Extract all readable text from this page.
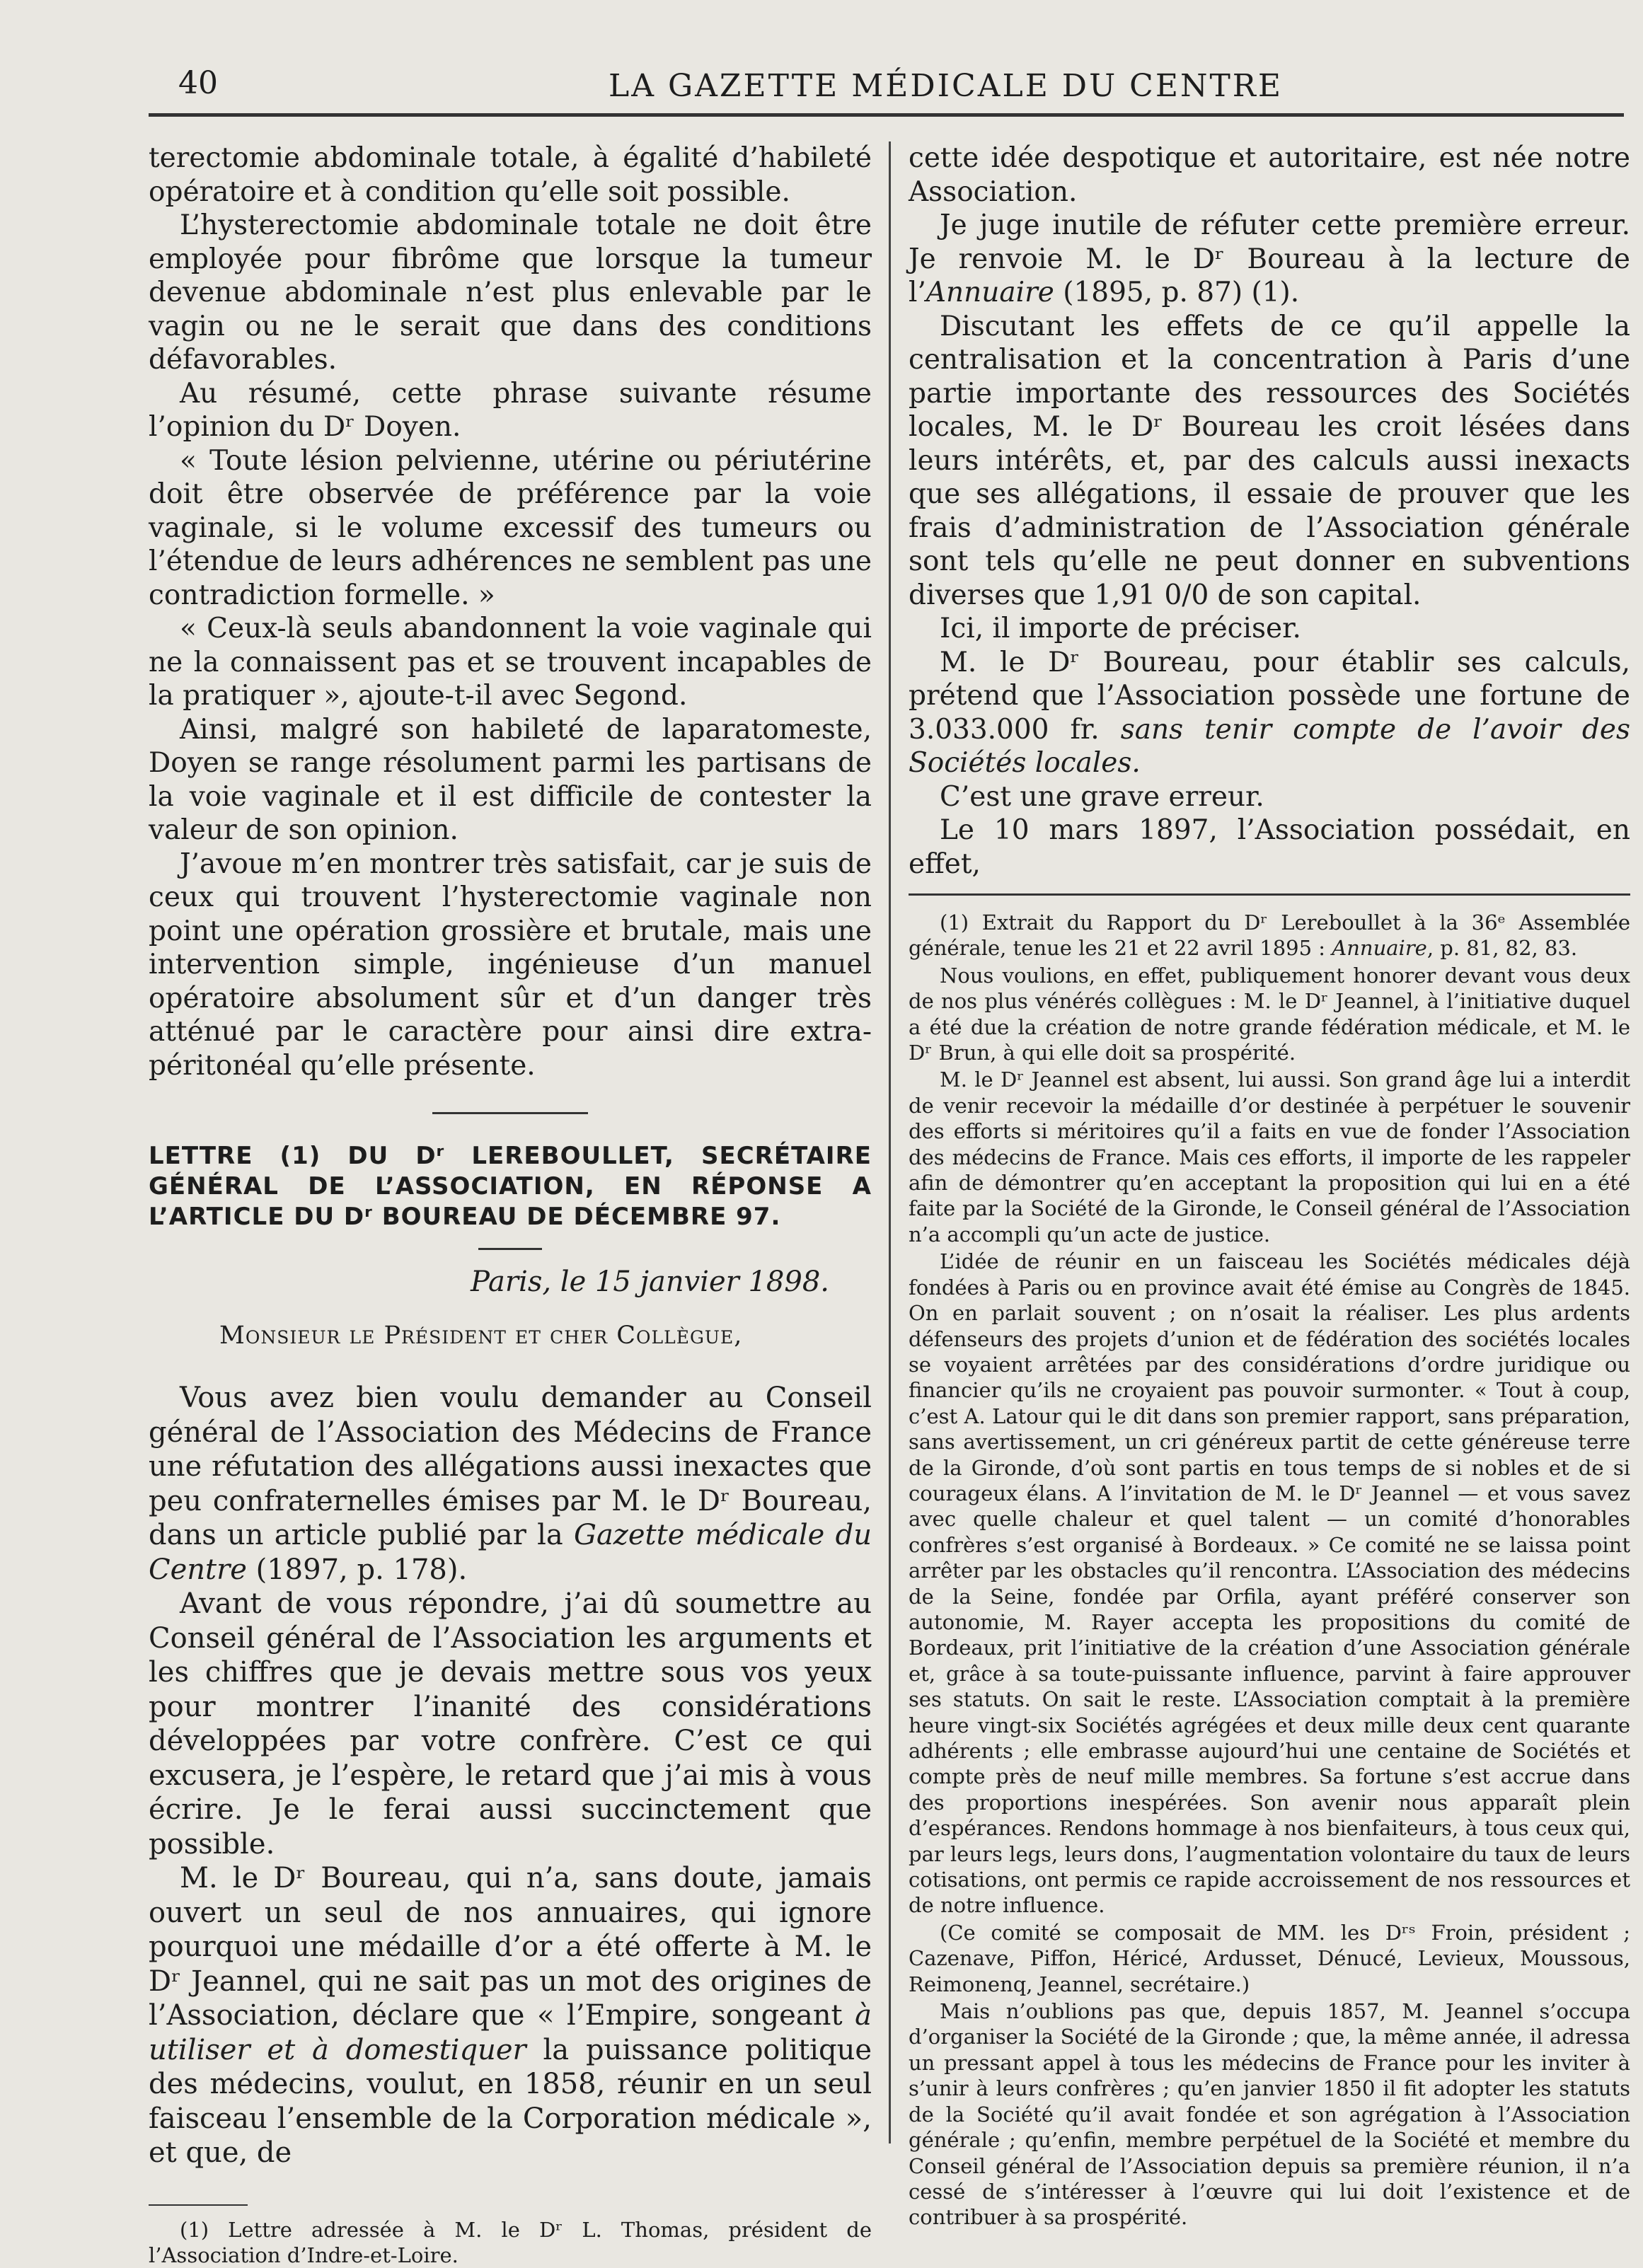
40	LA GAZETTE MÉDICALE DU CENTRE

terectomie abdominale totale, à égalité d’habileté opératoire et à condition qu’elle soit possible.

L’hysterectomie abdominale totale ne doit être employée pour fibrôme que lorsque la tumeur devenue abdominale n’est plus enlevable par le vagin ou ne le serait que dans des conditions défavorables.

Au résumé, cette phrase suivante résume l’opinion du Dʳ Doyen.

« Toute lésion pelvienne, utérine ou périutérine doit être observée de préférence par la voie vaginale, si le volume excessif des tumeurs ou l’étendue de leurs adhérences ne semblent pas une contradiction formelle. »

« Ceux-là seuls abandonnent la voie vaginale qui ne la connaissent pas et se trouvent incapables de la pratiquer », ajoute-t-il avec Segond.

Ainsi, malgré son habileté de laparatomeste, Doyen se range résolument parmi les partisans de la voie vaginale et il est difficile de contester la valeur de son opinion.

J’avoue m’en montrer très satisfait, car je suis de ceux qui trouvent l’hysterectomie vaginale non point une opération grossière et brutale, mais une intervention simple, ingénieuse d’un manuel opératoire absolument sûr et d’un danger très atténué par le caractère pour ainsi dire extra-péritonéal qu’elle présente.

LETTRE (1) DU Dʳ LEREBOULLET, SECRÉTAIRE GÉNÉRAL DE L’ASSOCIATION, EN RÉPONSE A L’ARTICLE DU Dʳ BOUREAU DE DÉCEMBRE 97.

Paris, le 15 janvier 1898.

Monsieur le Président et cher Collègue,

Vous avez bien voulu demander au Conseil général de l’Association des Médecins de France une réfutation des allégations aussi inexactes que peu confraternelles émises par M. le Dʳ Boureau, dans un article publié par la Gazette médicale du Centre (1897, p. 178).

Avant de vous répondre, j’ai dû soumettre au Conseil général de l’Association les arguments et les chiffres que je devais mettre sous vos yeux pour montrer l’inanité des considérations développées par votre confrère. C’est ce qui excusera, je l’espère, le retard que j’ai mis à vous écrire. Je le ferai aussi succinctement que possible.

M. le Dʳ Boureau, qui n’a, sans doute, jamais ouvert un seul de nos annuaires, qui ignore pourquoi une médaille d’or a été offerte à M. le Dʳ Jeannel, qui ne sait pas un mot des origines de l’Association, déclare que « l’Empire, songeant à utiliser et à domestiquer la puissance politique des médecins, voulut, en 1858, réunir en un seul faisceau l’ensemble de la Corporation médicale », et que, de

(1) Lettre adressée à M. le Dʳ L. Thomas, président de l’Association d’Indre-et-Loire.

cette idée despotique et autoritaire, est née notre Association.

Je juge inutile de réfuter cette première erreur. Je renvoie M. le Dʳ Boureau à la lecture de l’Annuaire (1895, p. 87) (1).

Discutant les effets de ce qu’il appelle la centralisation et la concentration à Paris d’une partie importante des ressources des Sociétés locales, M. le Dʳ Boureau les croit lésées dans leurs intérêts, et, par des calculs aussi inexacts que ses allégations, il essaie de prouver que les frais d’administration de l’Association générale sont tels qu’elle ne peut donner en subventions diverses que 1,91 0/0 de son capital.

Ici, il importe de préciser.

M. le Dʳ Boureau, pour établir ses calculs, prétend que l’Association possède une fortune de 3.033.000 fr. sans tenir compte de l’avoir des Sociétés locales.

C’est une grave erreur.

Le 10 mars 1897, l’Association possédait, en effet,

(1) Extrait du Rapport du Dʳ Lereboullet à la 36ᵉ Assemblée générale, tenue les 21 et 22 avril 1895 : Annuaire, p. 81, 82, 83.

Nous voulions, en effet, publiquement honorer devant vous deux de nos plus vénérés collègues : M. le Dʳ Jeannel, à l’initiative duquel a été due la création de notre grande fédération médicale, et M. le Dʳ Brun, à qui elle doit sa prospérité.

M. le Dʳ Jeannel est absent, lui aussi. Son grand âge lui a interdit de venir recevoir la médaille d’or destinée à perpétuer le souvenir des efforts si méritoires qu’il a faits en vue de fonder l’Association des médecins de France. Mais ces efforts, il importe de les rappeler afin de démontrer qu’en acceptant la proposition qui lui en a été faite par la Société de la Gironde, le Conseil général de l’Association n’a accompli qu’un acte de justice.

L’idée de réunir en un faisceau les Sociétés médicales déjà fondées à Paris ou en province avait été émise au Congrès de 1845. On en parlait souvent ; on n’osait la réaliser. Les plus ardents défenseurs des projets d’union et de fédération des sociétés locales se voyaient arrêtées par des considérations d’ordre juridique ou financier qu’ils ne croyaient pas pouvoir surmonter. « Tout à coup, c’est A. Latour qui le dit dans son premier rapport, sans préparation, sans avertissement, un cri généreux partit de cette généreuse terre de la Gironde, d’où sont partis en tous temps de si nobles et de si courageux élans. A l’invitation de M. le Dʳ Jeannel — et vous savez avec quelle chaleur et quel talent — un comité d’honorables confrères s’est organisé à Bordeaux. » Ce comité ne se laissa point arrêter par les obstacles qu’il rencontra. L’Association des médecins de la Seine, fondée par Orfila, ayant préféré conserver son autonomie, M. Rayer accepta les propositions du comité de Bordeaux, prit l’initiative de la création d’une Association générale et, grâce à sa toute-puissante influence, parvint à faire approuver ses statuts. On sait le reste. L’Association comptait à la première heure vingt-six Sociétés agrégées et deux mille deux cent quarante adhérents ; elle embrasse aujourd’hui une centaine de Sociétés et compte près de neuf mille membres. Sa fortune s’est accrue dans des proportions inespérées. Son avenir nous apparaît plein d’espérances. Rendons hommage à nos bienfaiteurs, à tous ceux qui, par leurs legs, leurs dons, l’augmentation volontaire du taux de leurs cotisations, ont permis ce rapide accroissement de nos ressources et de notre influence.

(Ce comité se composait de MM. les Dʳˢ Froin, président ; Cazenave, Piffon, Héricé, Ardusset, Dénucé, Levieux, Moussous, Reimonenq, Jeannel, secrétaire.)

Mais n’oublions pas que, depuis 1857, M. Jeannel s’occupa d’organiser la Société de la Gironde ; que, la même année, il adressa un pressant appel à tous les médecins de France pour les inviter à s’unir à leurs confrères ; qu’en janvier 1850 il fit adopter les statuts de la Société qu’il avait fondée et son agrégation à l’Association générale ; qu’enfin, membre perpétuel de la Société et membre du Conseil général de l’Association depuis sa première réunion, il n’a cessé de s’intéresser à l’œuvre qui lui doit l’existence et de contribuer à sa prospérité.
